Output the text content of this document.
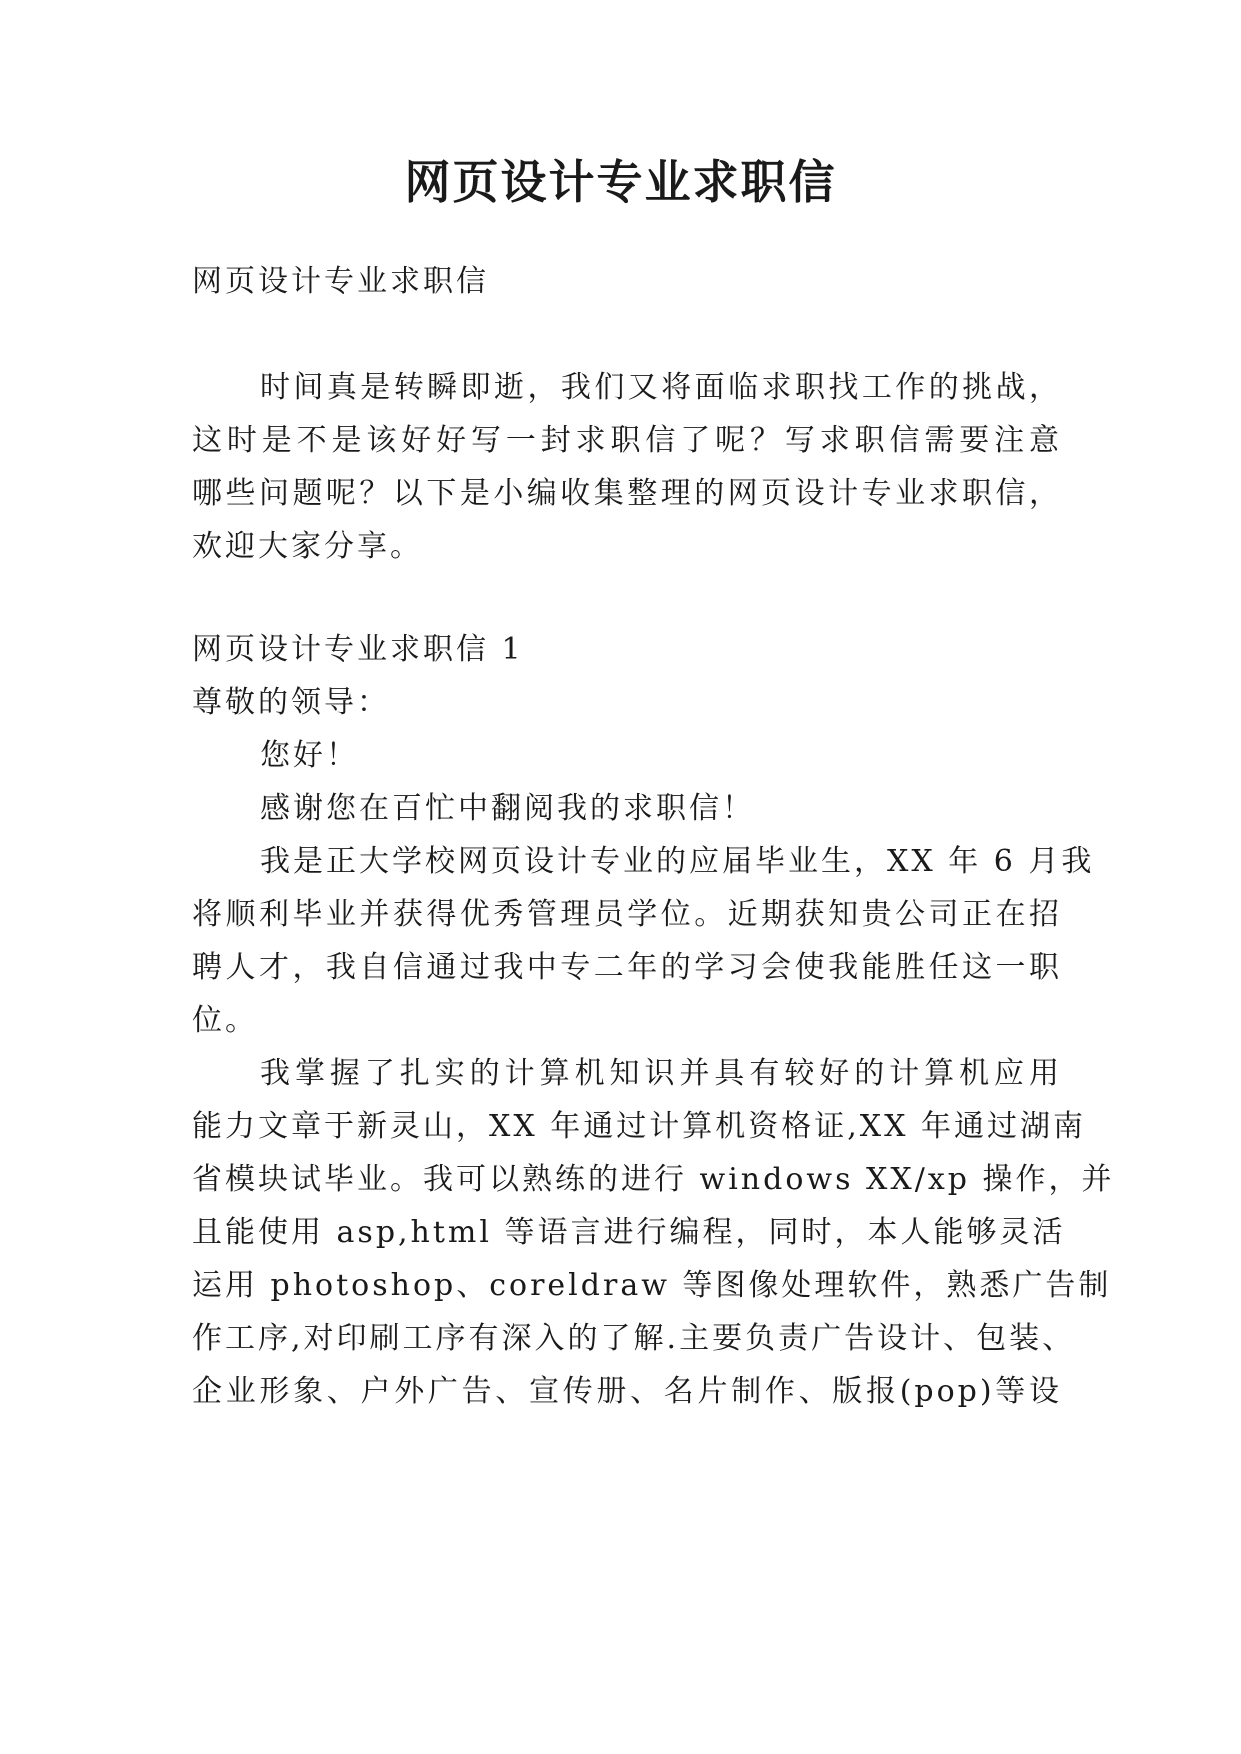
网页设计专业求职信
网页设计专业求职信
时间真是转瞬即逝，我们又将面临求职找工作的挑战，
这时是不是该好好写一封求职信了呢？写求职信需要注意
哪些问题呢？以下是小编收集整理的网页设计专业求职信，
欢迎大家分享。
网页设计专业求职信 1
尊敬的领导：
您好！
感谢您在百忙中翻阅我的求职信！
我是正大学校网页设计专业的应届毕业生，XX 年 6 月我
将顺利毕业并获得优秀管理员学位。近期获知贵公司正在招
聘人才，我自信通过我中专二年的学习会使我能胜任这一职
位。
我掌握了扎实的计算机知识并具有较好的计算机应用
能力文章于新灵山，XX 年通过计算机资格证,XX 年通过湖南
省模块试毕业。我可以熟练的进行 windows XX/xp 操作，并
且能使用 asp,html 等语言进行编程，同时，本人能够灵活
运用 photoshop、coreldraw 等图像处理软件，熟悉广告制
作工序,对印刷工序有深入的了解.主要负责广告设计、包装、
企业形象、户外广告、宣传册、名片制作、版报(pop)等设
